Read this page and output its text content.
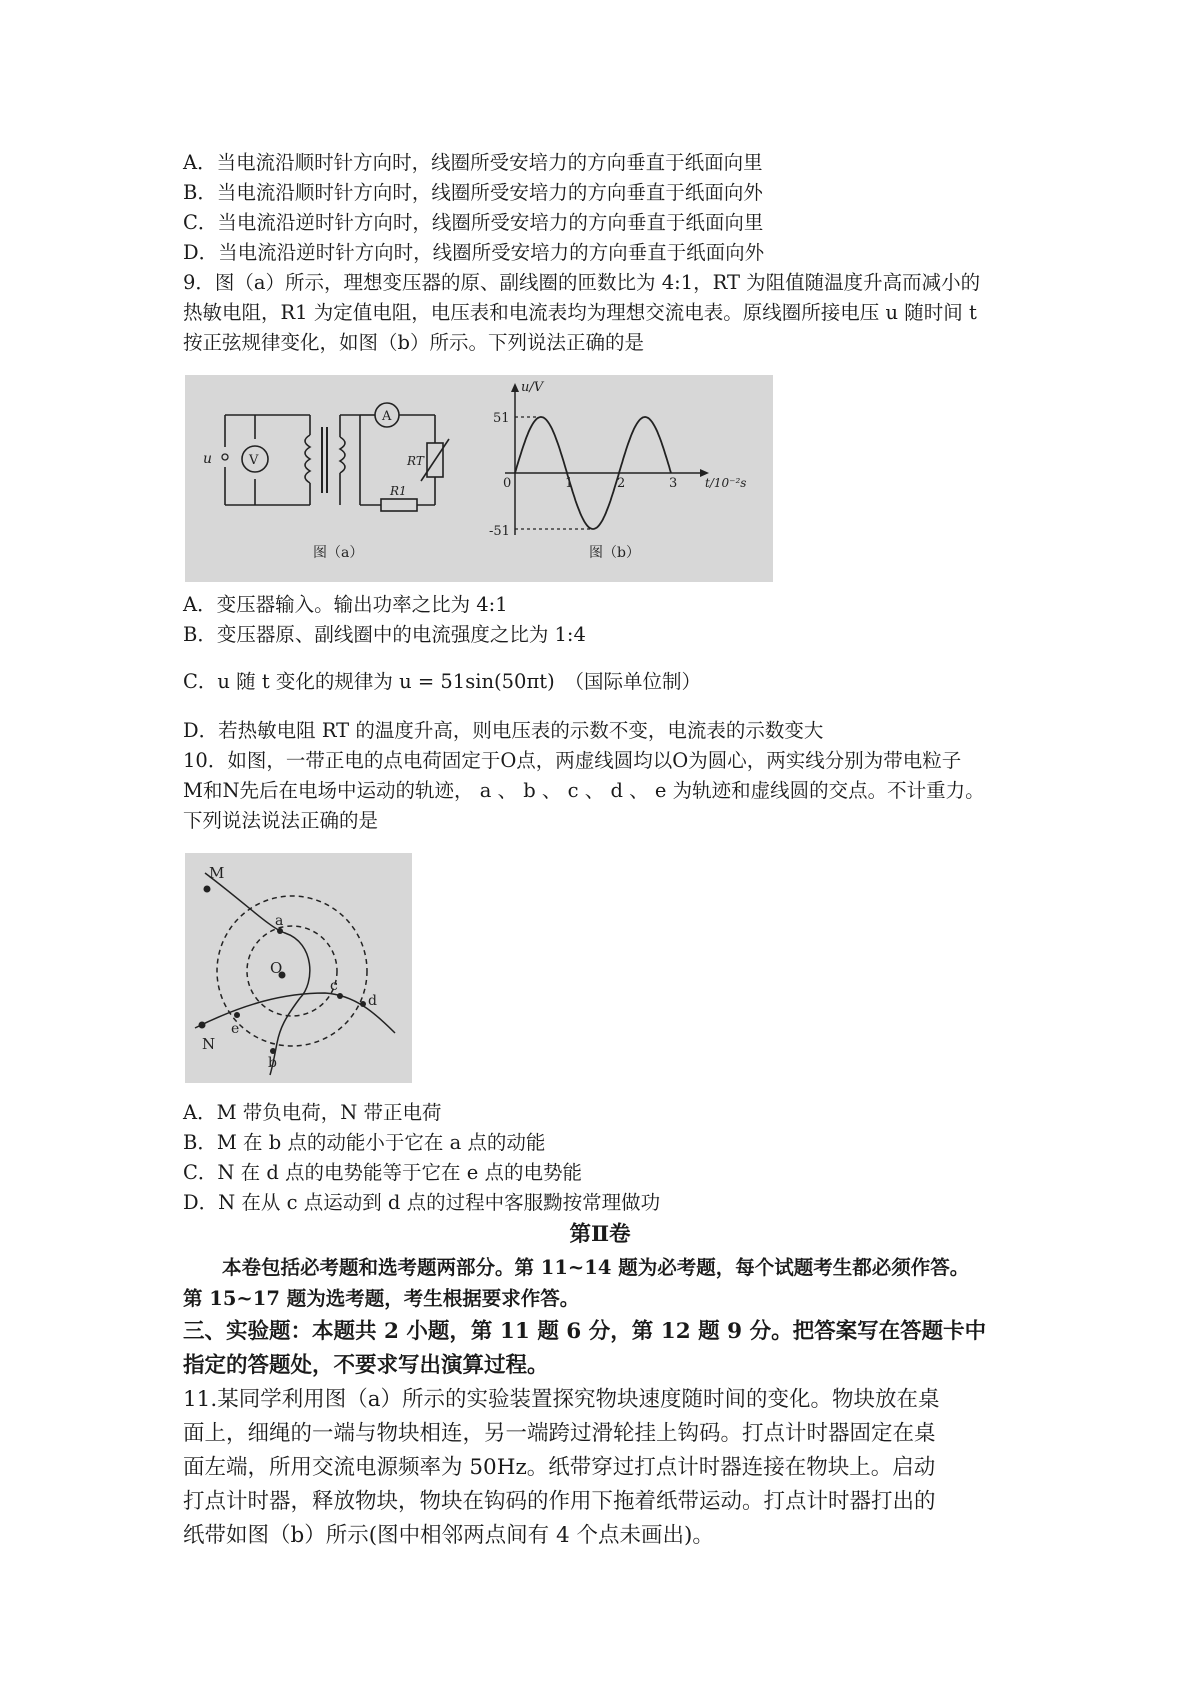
A．当电流沿顺时针方向时，线圈所受安培力的方向垂直于纸面向里
B．当电流沿顺时针方向时，线圈所受安培力的方向垂直于纸面向外
C．当电流沿逆时针方向时，线圈所受安培力的方向垂直于纸面向里
D．当电流沿逆时针方向时，线圈所受安培力的方向垂直于纸面向外
9．图（a）所示，理想变压器的原、副线圈的匝数比为 4:1，RT 为阻值随温度升高而减小的
热敏电阻，R1 为定值电阻，电压表和电流表均为理想交流电表。原线圈所接电压 u 随时间 t
按正弦规律变化，如图（b）所示。下列说法正确的是
u	V
A
RT
R1
图（a）
u/V
51
-51
0	1	2	3 t/10⁻²s
图（b）
A．变压器输入。输出功率之比为 4:1
B．变压器原、副线圈中的电流强度之比为 1:4
C．u 随 t 变化的规律为 u = 51sin(50πt)　（国际单位制）
D．若热敏电阻 RT 的温度升高，则电压表的示数不变，电流表的示数变大
10．如图，一带正电的点电荷固定于O点，两虚线圆均以O为圆心，两实线分别为带电粒子
M和N先后在电场中运动的轨迹， a 、 b 、 c 、 d 、 e 为轨迹和虚线圆的交点。不计重力。
下列说法说法正确的是
M
a
O
b
c
d
e
N
A．M 带负电荷，N 带正电荷
B．M 在 b 点的动能小于它在 a 点的动能
C．N 在 d 点的电势能等于它在 e 点的电势能
D．N 在从 c 点运动到 d 点的过程中客服黝按常理做功
第Ⅱ卷
　　本卷包括必考题和选考题两部分。第 11~14 题为必考题，每个试题考生都必须作答。
第 15~17 题为选考题，考生根据要求作答。
三、实验题：本题共 2 小题，第 11 题 6 分，第 12 题 9 分。把答案写在答题卡中
指定的答题处，不要求写出演算过程。
11.某同学利用图（a）所示的实验装置探究物块速度随时间的变化。物块放在桌
面上，细绳的一端与物块相连，另一端跨过滑轮挂上钩码。打点计时器固定在桌
面左端，所用交流电源频率为 50Hz。纸带穿过打点计时器连接在物块上。启动
打点计时器，释放物块，物块在钩码的作用下拖着纸带运动。打点计时器打出的
纸带如图（b）所示(图中相邻两点间有 4 个点未画出)。
